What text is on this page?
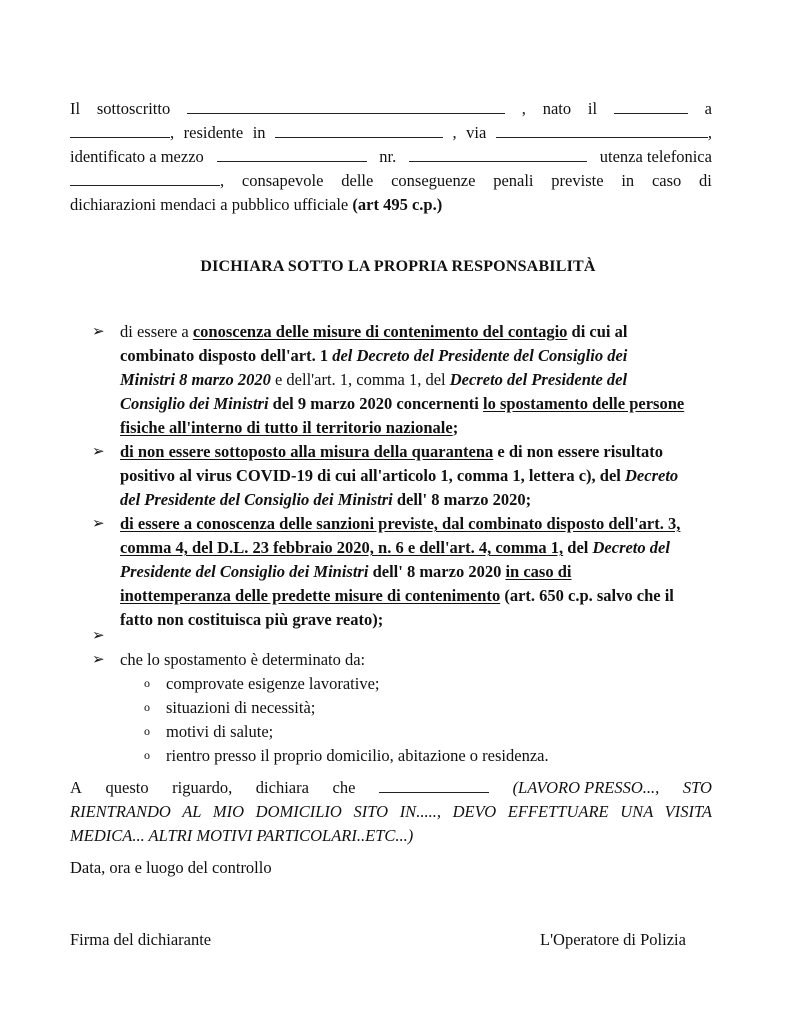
Il sottoscritto	, nato il	a
, residente in	, via	,
identificato a mezzo	nr.	utenza telefonica
, consapevole delle conseguenze penali previste in caso di
dichiarazioni mendaci a pubblico ufficiale (art 495 c.p.)
DICHIARA SOTTO LA PROPRIA RESPONSABILITÀ
➢ di essere a conoscenza delle misure di contenimento del contagio di cui al
combinato disposto dell'art. 1 del Decreto del Presidente del Consiglio dei
Ministri 8 marzo 2020 e dell'art. 1, comma 1, del Decreto del Presidente del
Consiglio dei Ministri del 9 marzo 2020 concernenti lo spostamento delle persone
fisiche all'interno di tutto il territorio nazionale;
➢ di non essere sottoposto alla misura della quarantena e di non essere risultato
positivo al virus COVID-19 di cui all'articolo 1, comma 1, lettera c), del Decreto
del Presidente del Consiglio dei Ministri dell' 8 marzo 2020;
➢ di essere a conoscenza delle sanzioni previste, dal combinato disposto dell'art. 3,
comma 4, del D.L. 23 febbraio 2020, n. 6 e dell'art. 4, comma 1, del Decreto del
Presidente del Consiglio dei Ministri dell' 8 marzo 2020 in caso di
inottemperanza delle predette misure di contenimento (art. 650 c.p. salvo che il
fatto non costituisca più grave reato);
➢
➢ che lo spostamento è determinato da:
o comprovate esigenze lavorative;
o situazioni di necessità;
o motivi di salute;
o rientro presso il proprio domicilio, abitazione o residenza.
A questo riguardo, dichiara che	(LAVORO PRESSO..., STO
RIENTRANDO AL MIO DOMICILIO SITO IN....., DEVO EFFETTUARE UNA VISITA
MEDICA... ALTRI MOTIVI PARTICOLARI..ETC...)
Data, ora e luogo del controllo
Firma del dichiarante	L'Operatore di Polizia
